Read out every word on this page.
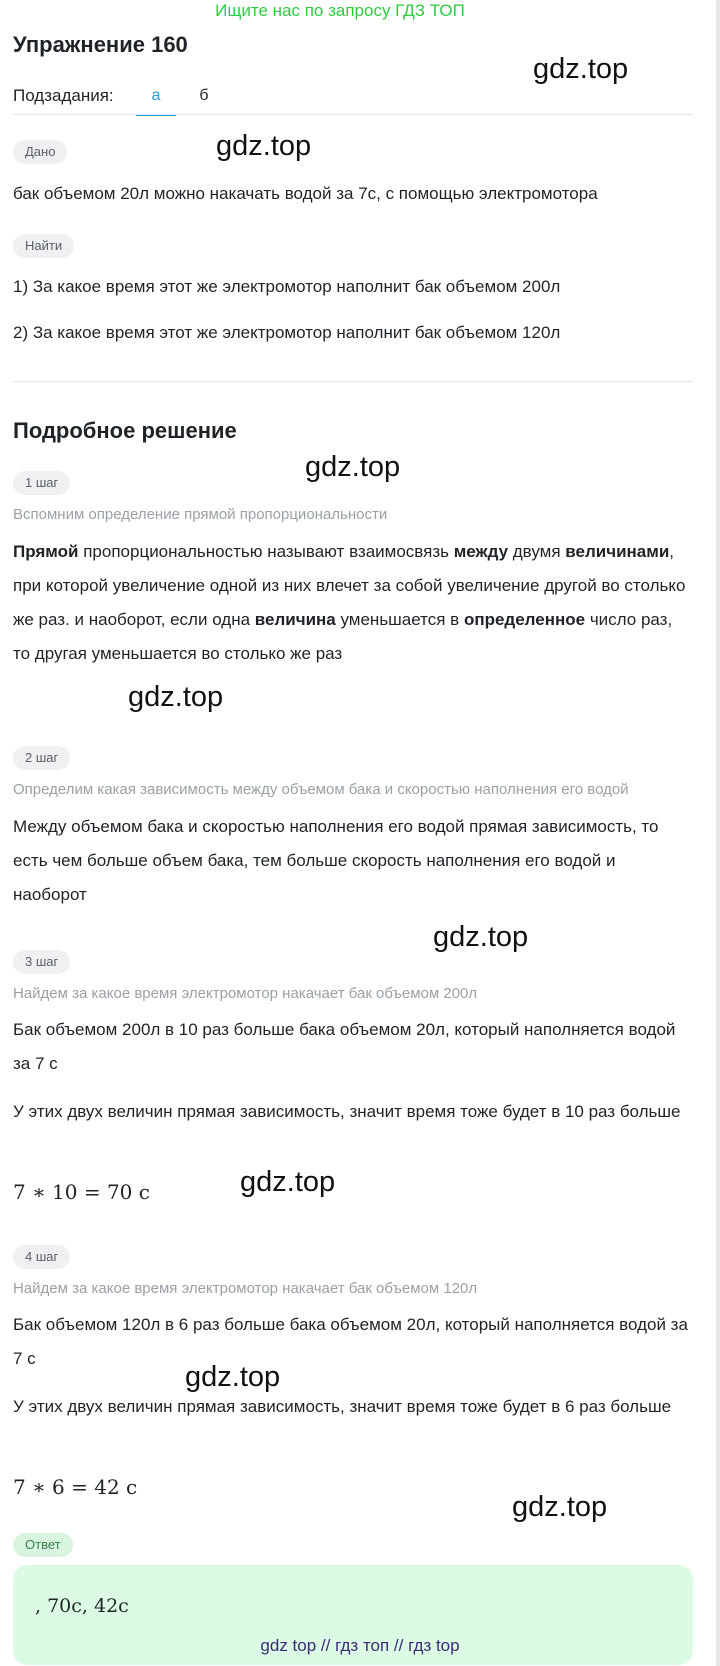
Ищите нас по запросу ГДЗ ТОП
Упражнение 160
gdz.top
Подзадания:	а	б
Дано	gdz.top
бак объемом 20л можно накачать водой за 7с, с помощью электромотора
Найти
1) За какое время этот же электромотор наполнит бак объемом 200л
2) За какое время этот же электромотор наполнит бак объемом 120л
Подробное решение
gdz.top
1 шаг
Вспомним определение прямой пропорциональности
Прямой пропорциональностью называют взаимосвязь между двумя величинами, при которой увеличение одной из них влечет за собой увеличение другой во столько же раз. и наоборот, если одна величина уменьшается в определенное число раз, то другая уменьшается во столько же раз
gdz.top
2 шаг
Определим какая зависимость между объемом бака и скоростью наполнения его водой
Между объемом бака и скоростью наполнения его водой прямая зависимость, то есть чем больше объем бака, тем больше скорость наполнения его водой и наоборот
gdz.top
3 шаг
Найдем за какое время электромотор накачает бак объемом 200л
Бак объемом 200л в 10 раз больше бака объемом 20л, который наполняется водой за 7 с
У этих двух величин прямая зависимость, значит время тоже будет в 10 раз больше
7 ∗ 10 = 70 с	gdz.top
4 шаг
Найдем за какое время электромотор накачает бак объемом 120л
Бак объемом 120л в 6 раз больше бака объемом 20л, который наполняется водой за 7 с
gdz.top
У этих двух величин прямая зависимость, значит время тоже будет в 6 раз больше
7 ∗ 6 = 42 с
gdz.top
Ответ
, 70с, 42с
gdz top // гдз топ // гдз top
